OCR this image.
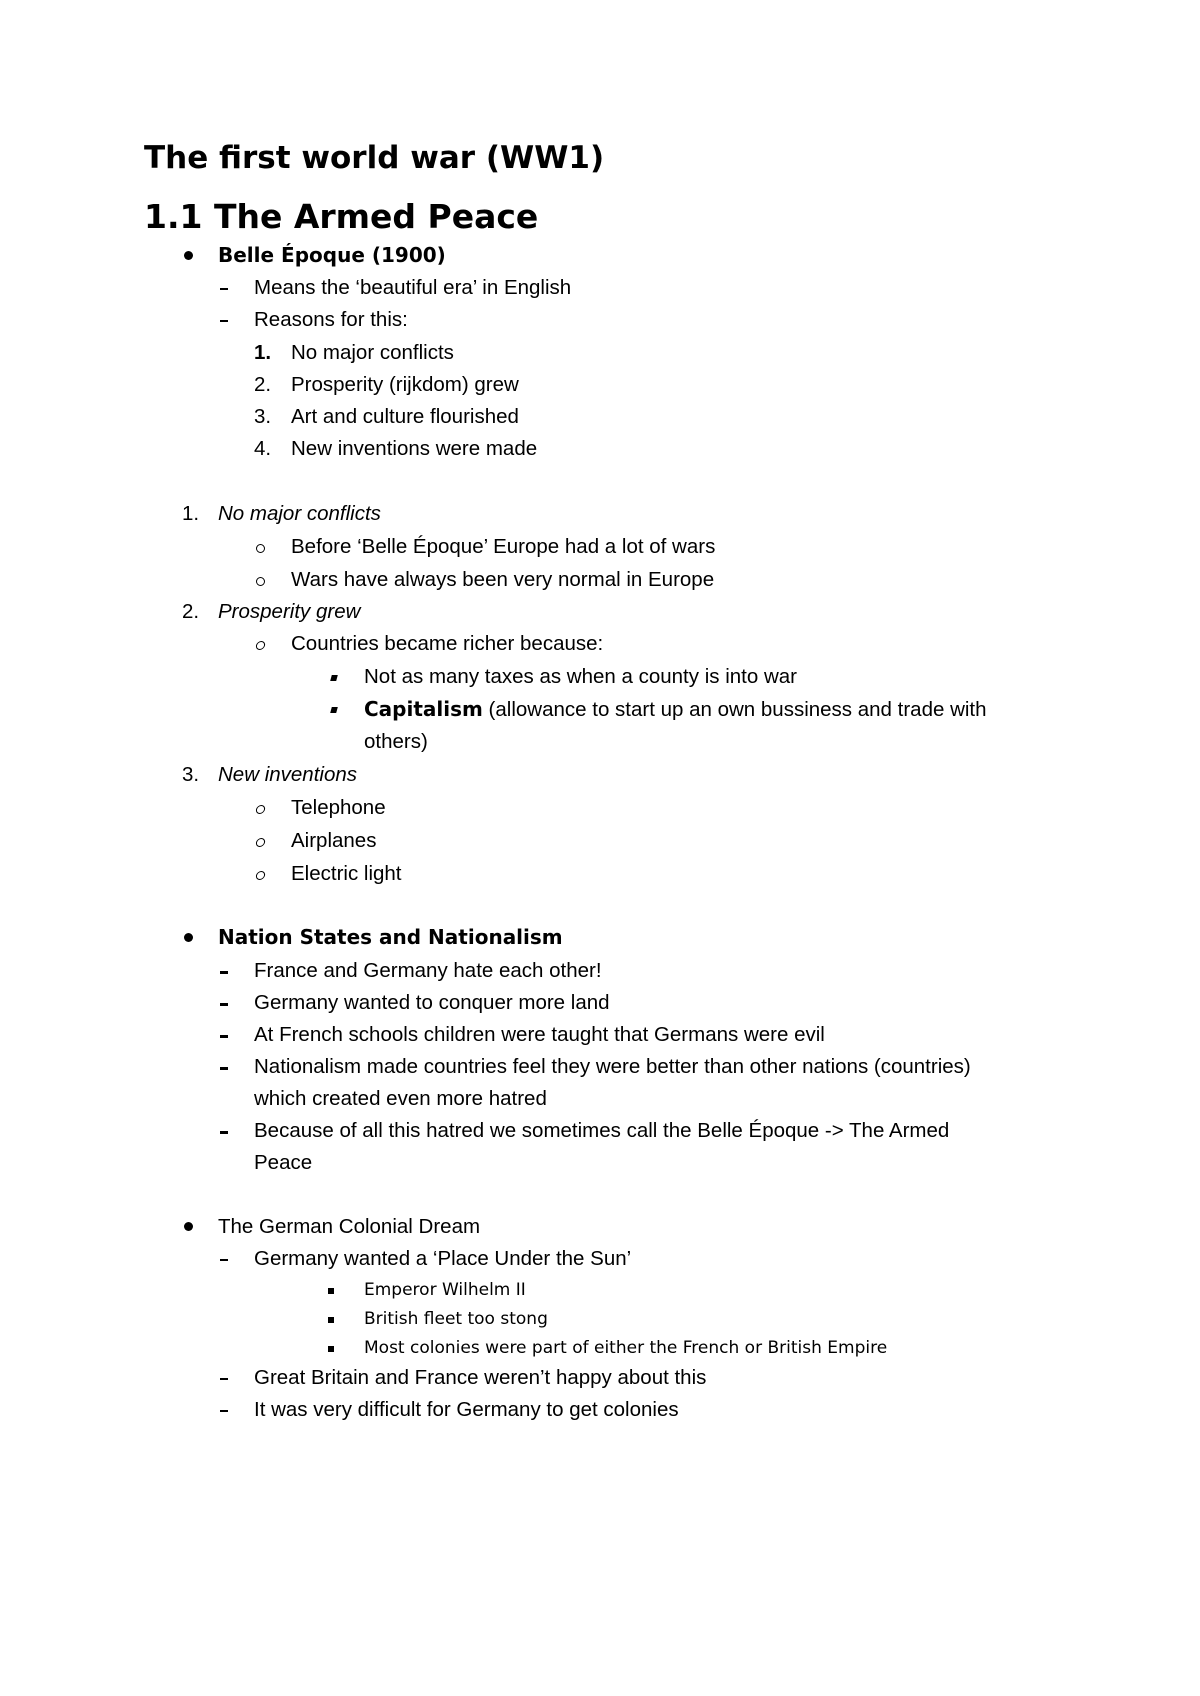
The first world war (WW1)
1.1 The Armed Peace
Belle Époque (1900)
Means the ‘beautiful era’ in English
Reasons for this:
1. No major conflicts
2. Prosperity (rijkdom) grew
3. Art and culture flourished
4. New inventions were made
1. No major conflicts
Before ‘Belle Époque’ Europe had a lot of wars
Wars have always been very normal in Europe
2. Prosperity grew
Countries became richer because:
Not as many taxes as when a county is into war
Capitalism (allowance to start up an own bussiness and trade with
others)
3. New inventions
Telephone
Airplanes
Electric light
Nation States and Nationalism
France and Germany hate each other!
Germany wanted to conquer more land
At French schools children were taught that Germans were evil
Nationalism made countries feel they were better than other nations (countries)
which created even more hatred
Because of all this hatred we sometimes call the Belle Époque -> The Armed
Peace
The German Colonial Dream
Germany wanted a ‘Place Under the Sun’
Emperor Wilhelm II
British fleet too stong
Most colonies were part of either the French or British Empire
Great Britain and France weren’t happy about this
It was very difficult for Germany to get colonies
